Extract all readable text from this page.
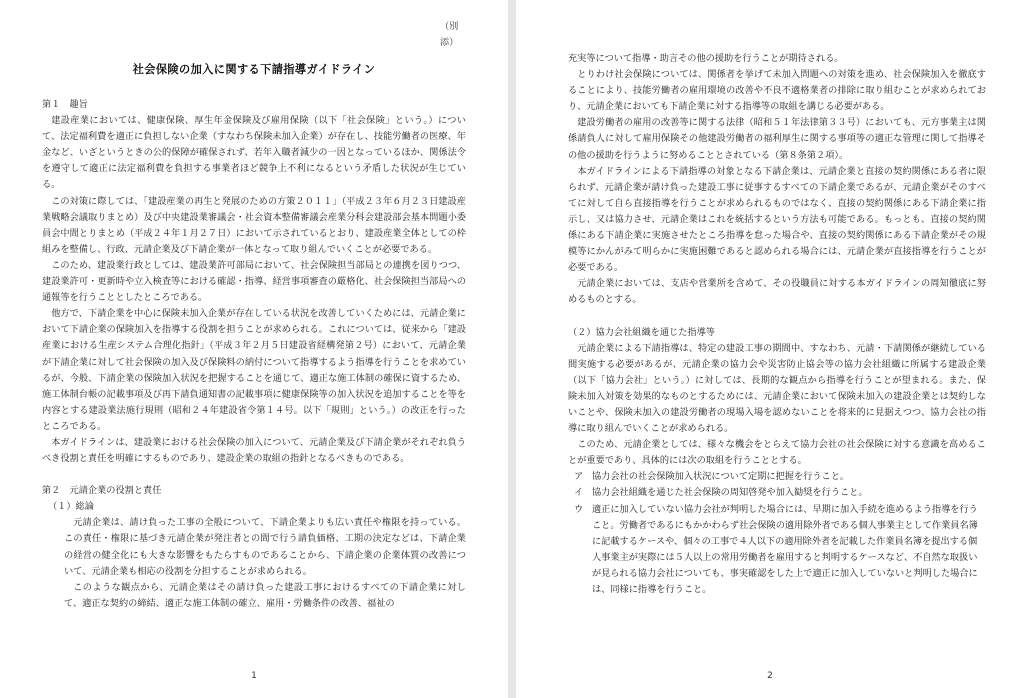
（別添）
社会保険の加入に関する下請指導ガイドライン

第１　趣旨

建設産業においては、健康保険、厚生年金保険及び雇用保険（以下「社会保険」という。）について、法定福利費を適正に負担しない企業（すなわち保険未加入企業）が存在し、技能労働者の医療、年金など、いざというときの公的保障が確保されず、若年入職者減少の一因となっているほか、関係法令を遵守して適正に法定福利費を負担する事業者ほど競争上不利になるという矛盾した状況が生じている。

この対策に際しては、「建設産業の再生と発展のための方策２０１１」（平成２３年６月２３日建設産業戦略会議取りまとめ）及び中央建設業審議会・社会資本整備審議会産業分科会建設部会基本問題小委員会中間とりまとめ（平成２４年１月２７日）において示されているとおり、建設産業全体としての枠組みを整備し、行政、元請企業及び下請企業が一体となって取り組んでいくことが必要である。

このため、建設業行政としては、建設業許可部局において、社会保険担当部局との連携を図りつつ、建設業許可・更新時や立入検査等における確認・指導、経営事項審査の厳格化、社会保険担当部局への通報等を行うこととしたところである。

他方で、下請企業を中心に保険未加入企業が存在している状況を改善していくためには、元請企業において下請企業の保険加入を指導する役割を担うことが求められる。これについては、従来から「建設産業における生産システム合理化指針」（平成３年２月５日建設省経構発第２号）において、元請企業が下請企業に対して社会保険の加入及び保険料の納付について指導するよう指導を行うことを求めているが、今般、下請企業の保険加入状況を把握することを通じて、適正な施工体制の確保に資するため、施工体制台帳の記載事項及び再下請負通知書の記載事項に健康保険等の加入状況を追加することを等を内容とする建設業法施行規則（昭和２４年建設省令第１４号。以下「規則」という。）の改正を行ったところである。

本ガイドラインは、建設業における社会保険の加入について、元請企業及び下請企業がそれぞれ負うべき役割と責任を明確にするものであり、建設企業の取組の指針となるべきものである。

第２　元請企業の役割と責任

（１）総論

元請企業は、請け負った工事の全般について、下請企業よりも広い責任や権限を持っている。この責任・権限に基づき元請企業が発注者との間で行う請負価格、工期の決定などは、下請企業の経営の健全化にも大きな影響をもたらすものであることから、下請企業の企業体質の改善について、元請企業も相応の役割を分担することが求められる。

このような観点から、元請企業はその請け負った建設工事におけるすべての下請企業に対して、適正な契約の締結、適正な施工体制の確立、雇用・労働条件の改善、福祉の

1

充実等について指導・助言その他の援助を行うことが期待される。

とりわけ社会保険については、関係者を挙げて未加入問題への対策を進め、社会保険加入を徹底することにより、技能労働者の雇用環境の改善や不良不適格業者の排除に取り組むことが求められており、元請企業においても下請企業に対する指導等の取組を講じる必要がある。

建設労働者の雇用の改善等に関する法律（昭和５１年法律第３３号）においても、元方事業主は関係請負人に対して雇用保険その他建設労働者の福利厚生に関する事項等の適正な管理に関して指導その他の援助を行うように努めることとされている（第８条第２項）。

本ガイドラインによる下請指導の対象となる下請企業は、元請企業と直接の契約関係にある者に限られず、元請企業が請け負った建設工事に従事するすべての下請企業であるが、元請企業がそのすべてに対して自ら直接指導を行うことが求められるものではなく、直接の契約関係にある下請企業に指示し、又は協力させ、元請企業はこれを統括するという方法も可能である。もっとも、直接の契約関係にある下請企業に実施させたところ指導を怠った場合や、直接の契約関係にある下請企業がその規模等にかんがみて明らかに実施困難であると認められる場合には、元請企業が直接指導を行うことが必要である。

元請企業においては、支店や営業所を含めて、その役職員に対する本ガイドラインの周知徹底に努めるものとする。

（２）協力会社組織を通じた指導等

元請企業による下請指導は、特定の建設工事の期間中、すなわち、元請・下請関係が継続している間実施する必要があるが、元請企業の協力会や災害防止協会等の協力会社組織に所属する建設企業（以下「協力会社」という。）に対しては、長期的な観点から指導を行うことが望まれる。また、保険未加入対策を効果的なものとするためには、元請企業において保険未加入の建設企業とは契約しないことや、保険未加入の建設労働者の現場入場を認めないことを将来的に見据えつつ、協力会社の指導に取り組んでいくことが求められる。

このため、元請企業としては、様々な機会をとらえて協力会社の社会保険に対する意識を高めることが重要であり、具体的には次の取組を行うこととする。

ア 協力会社の社会保険加入状況について定期に把握を行うこと。
イ 協力会社組織を通じた社会保険の周知啓発や加入勧奨を行うこと。
ウ 適正に加入していない協力会社が判明した場合には、早期に加入手続を進めるよう指導を行うこと。労働者であるにもかかわらず社会保険の適用除外者である個人事業主として作業員名簿に記載するケースや、個々の工事で４人以下の適用除外者を記載した作業員名簿を提出する個人事業主が実際には５人以上の常用労働者を雇用すると判明するケースなど、不自然な取扱いが見られる協力会社についても、事実確認をした上で適正に加入していないと判明した場合には、同様に指導を行うこと。
2
